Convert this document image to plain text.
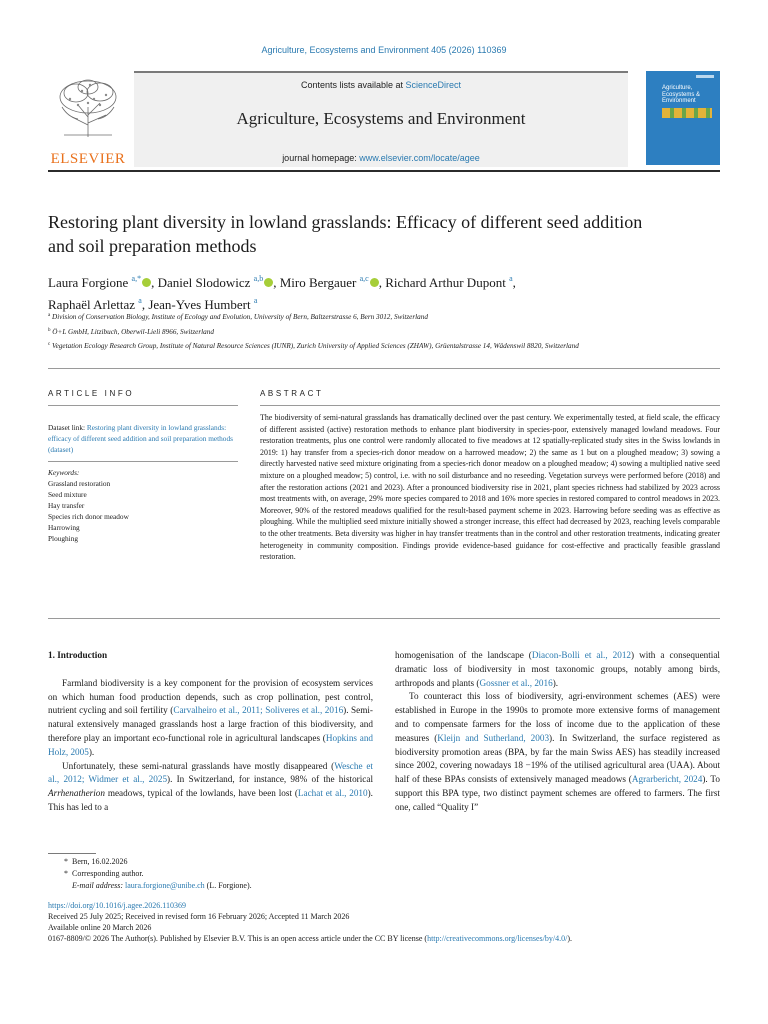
Agriculture, Ecosystems and Environment 405 (2026) 110369
ELSEVIER
Contents lists available at ScienceDirect
Agriculture, Ecosystems and Environment
journal homepage: www.elsevier.com/locate/agee
Agriculture, Ecosystems & Environment
Restoring plant diversity in lowland grasslands: Efficacy of different seed addition and soil preparation methods
Laura Forgione $^{a,*}$ , Daniel Slodowicz $^{a,b}$ , Miro Bergauer $^{a,c}$ , Richard Arthur Dupont $^a$,
Raphaël Arlettaz $^a$, Jean-Yves Humbert $^a$
$^a$ Division of Conservation Biology, Institute of Ecology and Evolution, University of Bern, Baltzerstrasse 6, Bern 3012, Switzerland
$^b$ Ö+L GmbH, Litzibuch, Oberwil-Lieli 8966, Switzerland
$^c$ Vegetation Ecology Research Group, Institute of Natural Resource Sciences (IUNR), Zurich University of Applied Sciences (ZHAW), Grüentalstrasse 14, Wädenswil 8820, Switzerland
ARTICLE INFO	ABSTRACT
Dataset link: Restoring plant diversity in lowland grasslands: efficacy of different seed addition and soil preparation methods (dataset)
Keywords:
Grassland restoration
Seed mixture
Hay transfer
Species rich donor meadow
Harrowing
Ploughing
The biodiversity of semi-natural grasslands has dramatically declined over the past century. We experimentally tested, at field scale, the efficacy of different assisted (active) restoration methods to enhance plant biodiversity in species-poor, extensively managed lowland meadows. Four restoration treatments, plus one control were randomly allocated to five meadows at 12 spatially-replicated study sites in the Swiss lowlands in 2019: 1) hay transfer from a species-rich donor meadow on a harrowed meadow; 2) the same as 1 but on a ploughed meadow; 3) sowing a directly harvested native seed mixture originating from a species-rich donor meadow on a ploughed meadow; 4) sowing a multiplied native seed mixture on a ploughed meadow; 5) control, i.e. with no soil disturbance and no reseeding. Vegetation surveys were performed before (2018) and after the restoration actions (2021 and 2023). After a pronounced biodiversity rise in 2021, plant species richness had stabilized by 2023 across most treatments with, on average, 29% more species compared to 2018 and 16% more species in restored compared to control meadows in 2023. Moreover, 90% of the restored meadows qualified for the result-based payment scheme in 2023. Harrowing before seeding was as effective as ploughing. While the multiplied seed mixture initially showed a stronger increase, this effect had decreased by 2023, reaching levels comparable to the other treatments. Beta diversity was higher in hay transfer treatments than in the control and other restoration treatments, indicating greater heterogeneity in community composition. Findings provide evidence-based guidance for cost-effective and practically feasible grassland restoration.
1. Introduction

Farmland biodiversity is a key component for the provision of ecosystem services on which human food production depends, such as crop pollination, pest control, nutrient cycling and soil fertility (Carvalheiro et al., 2011; Soliveres et al., 2016). Semi-natural extensively managed grasslands host a large fraction of this biodiversity, and therefore play an important eco-functional role in agricultural landscapes (Hopkins and Holz, 2005).

Unfortunately, these semi-natural grasslands have mostly disappeared (Wesche et al., 2012; Widmer et al., 2025). In Switzerland, for instance, 98% of the historical Arrhenatherion meadows, typical of the lowlands, have been lost (Lachat et al., 2010). This has led to a

homogenisation of the landscape (Diacon-Bolli et al., 2012) with a consequential dramatic loss of biodiversity in most taxonomic groups, notably among birds, arthropods and plants (Gossner et al., 2016).

To counteract this loss of biodiversity, agri-environment schemes (AES) were established in Europe in the 1990s to promote more extensive forms of management and to compensate farmers for the loss of income due to the application of these measures (Kleijn and Sutherland, 2003). In Switzerland, the surface registered as biodiversity promotion areas (BPA, by far the main Swiss AES) has steadily increased since 2002, covering nowadays 18 −19% of the utilised agricultural area (UAA). About half of these BPAs consists of extensively managed meadows (Agrarbericht, 2024). To support this BPA type, two distinct payment schemes are offered to farmers. The first one, called “Quality I”

*  Bern, 16.02.2026
*  Corresponding author.
E-mail address: laura.forgione@unibe.ch (L. Forgione).
https://doi.org/10.1016/j.agee.2026.110369
Received 25 July 2025; Received in revised form 16 February 2026; Accepted 11 March 2026
Available online 20 March 2026
0167-8809/© 2026 The Author(s). Published by Elsevier B.V. This is an open access article under the CC BY license (http://creativecommons.org/licenses/by/4.0/).
